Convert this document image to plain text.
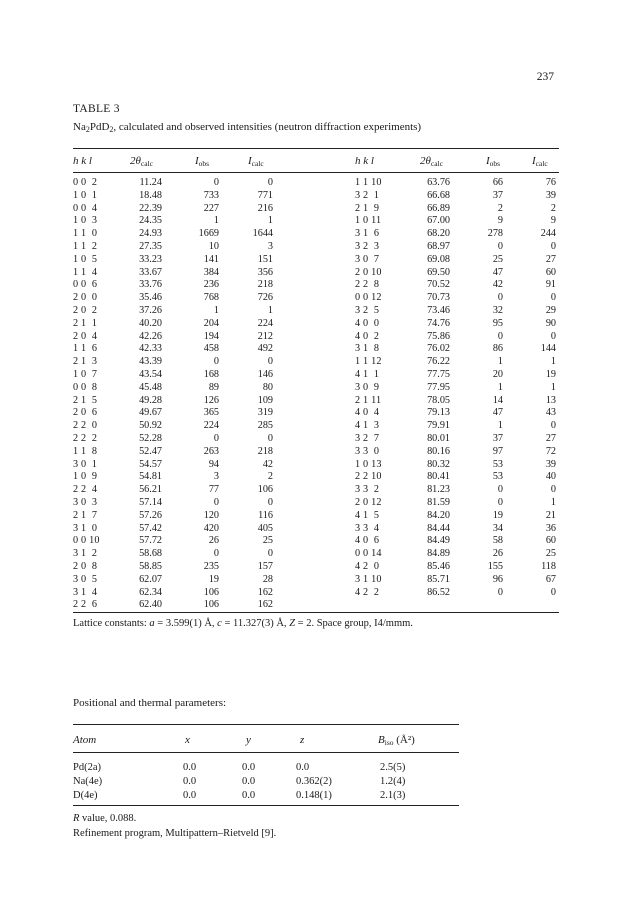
237
TABLE 3
$Na_2PdD_2$, calculated and observed intensities (neutron diffraction experiments)
h k l	$2\theta_{calc}$	$I_{obs}$	$I_{calc}$	h k l	$2\theta_{calc}$	$I_{obs}$	$I_{calc}$
0 0  2	11.24	0	0	1 1 10	63.76	66	76
1 0  1	18.48	733	771	3 2  1	66.68	37	39
0 0  4	22.39	227	216	2 1  9	66.89	2	2
1 0  3	24.35	1	1	1 0 11	67.00	9	9
1 1  0	24.93	1669	1644	3 1  6	68.20	278	244
1 1  2	27.35	10	3	3 2  3	68.97	0	0
1 0  5	33.23	141	151	3 0  7	69.08	25	27
1 1  4	33.67	384	356	2 0 10	69.50	47	60
0 0  6	33.76	236	218	2 2  8	70.52	42	91
2 0  0	35.46	768	726	0 0 12	70.73	0	0
2 0  2	37.26	1	1	3 2  5	73.46	32	29
2 1  1	40.20	204	224	4 0  0	74.76	95	90
2 0  4	42.26	194	212	4 0  2	75.86	0	0
1 1  6	42.33	458	492	3 1  8	76.02	86	144
2 1  3	43.39	0	0	1 1 12	76.22	1	1
1 0  7	43.54	168	146	4 1  1	77.75	20	19
0 0  8	45.48	89	80	3 0  9	77.95	1	1
2 1  5	49.28	126	109	2 1 11	78.05	14	13
2 0  6	49.67	365	319	4 0  4	79.13	47	43
2 2  0	50.92	224	285	4 1  3	79.91	1	0
2 2  2	52.28	0	0	3 2  7	80.01	37	27
1 1  8	52.47	263	218	3 3  0	80.16	97	72
3 0  1	54.57	94	42	1 0 13	80.32	53	39
1 0  9	54.81	3	2	2 2 10	80.41	53	40
2 2  4	56.21	77	106	3 3  2	81.23	0	0
3 0  3	57.14	0	0	2 0 12	81.59	0	1
2 1  7	57.26	120	116	4 1  5	84.20	19	21
3 1  0	57.42	420	405	3 3  4	84.44	34	36
0 0 10	57.72	26	25	4 0  6	84.49	58	60
3 1  2	58.68	0	0	0 0 14	84.89	26	25
2 0  8	58.85	235	157	4 2  0	85.46	155	118
3 0  5	62.07	19	28	3 1 10	85.71	96	67
3 1  4	62.34	106	162	4 2  2	86.52	0	0
2 2  6	62.40	106	162
Lattice constants: a = 3.599(1) Å, c = 11.327(3) Å, Z = 2. Space group, I4/mmm.
Positional and thermal parameters:
Atom	x	y	z	$B_{iso}$ (Å²)
Pd(2a)	0.0	0.0	0.0	2.5(5)
Na(4e)	0.0	0.0	0.362(2)	1.2(4)
D(4e)	0.0	0.0	0.148(1)	2.1(3)
R value, 0.088.
Refinement program, Multipattern–Rietveld [9].
